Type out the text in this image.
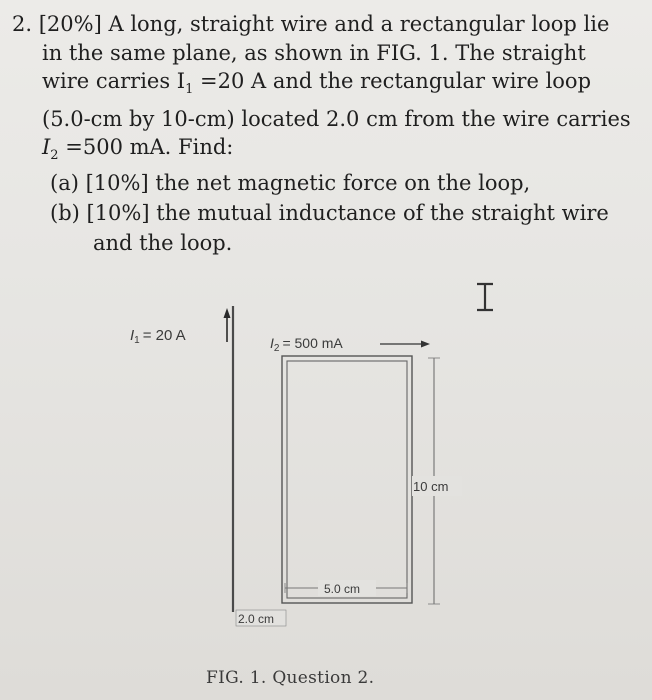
2. [20%] A long, straight wire and a rectangular loop lie
in the same plane, as shown in FIG. 1. The straight
wire carries $I_1 =20$ A and the rectangular wire loop
(5.0-cm by 10-cm) located 2.0 cm from the wire carries
$I_2 =500$ mA. Find:
(a) [10%] the net magnetic force on the loop,
(b) [10%] the mutual inductance of the straight wire
and the loop.
$I_1 = 20$ A	$I_2 = 500$ mA
10 cm
5.0 cm
2.0 cm
FIG. 1. Question 2.
